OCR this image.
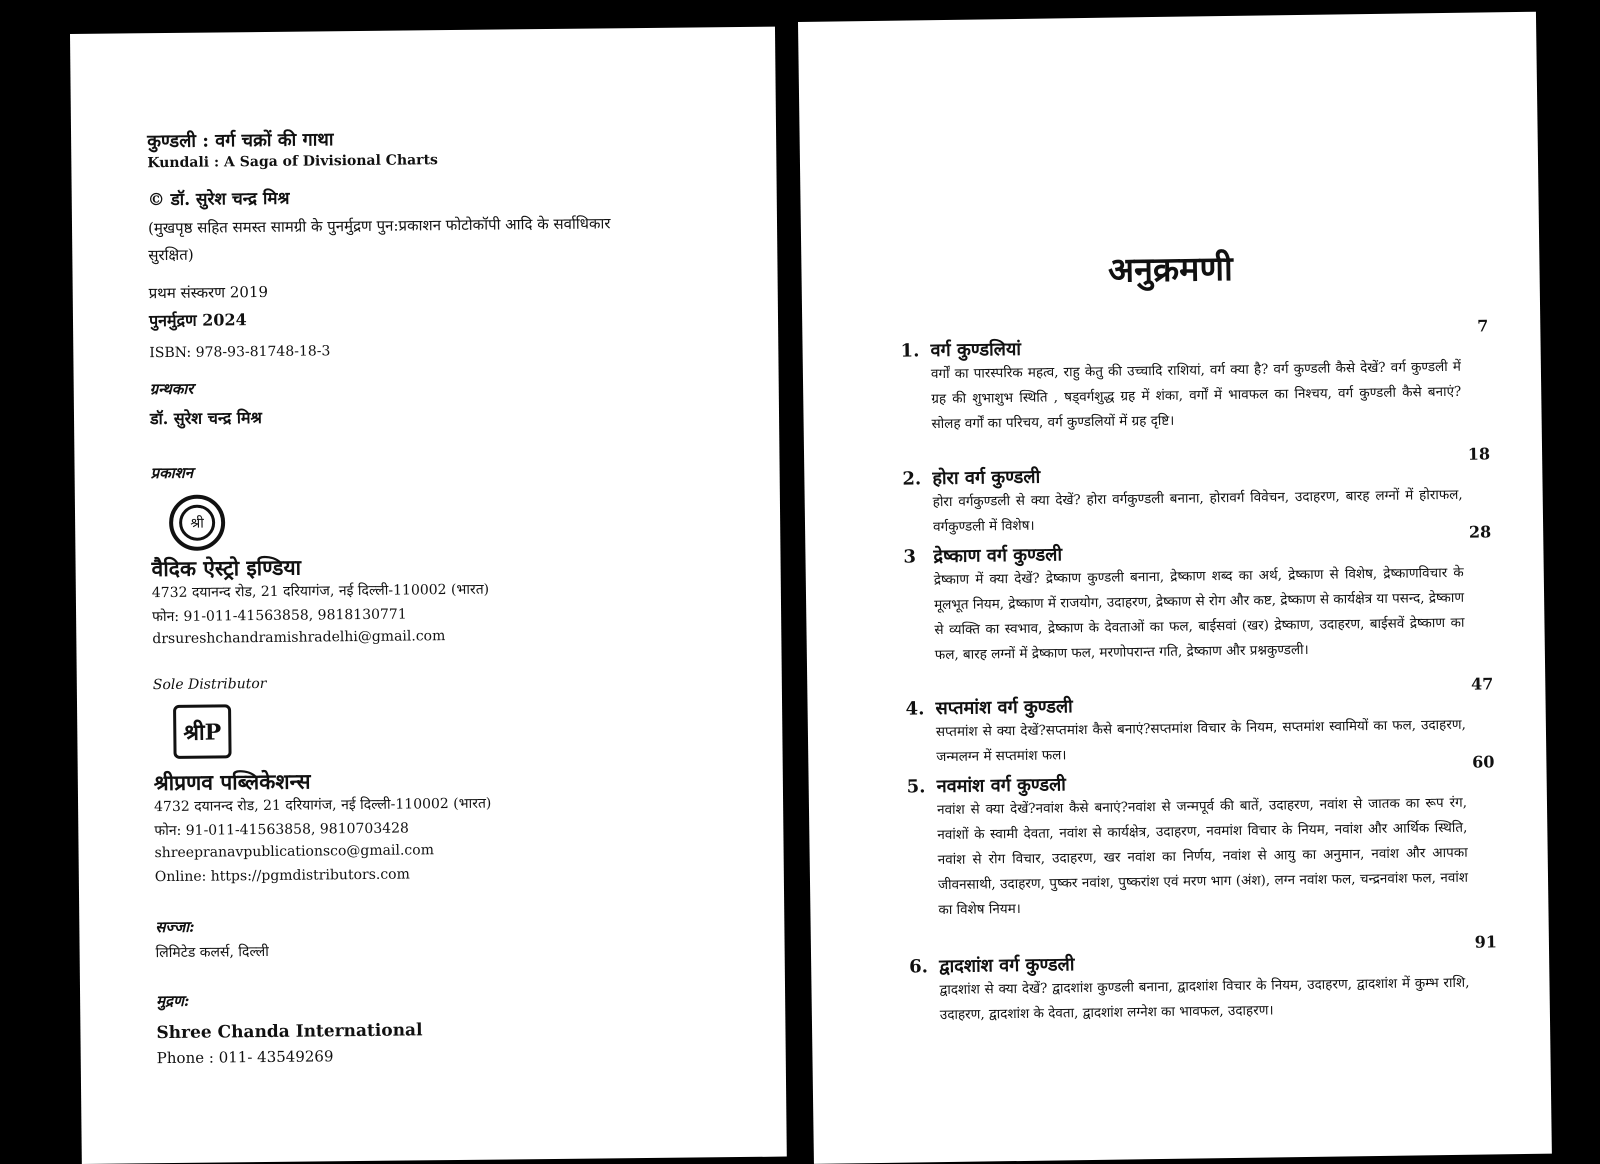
कुण्डली : वर्ग चक्रों की गाथा
Kundali : A Saga of Divisional Charts
© डॉ. सुरेश चन्द्र मिश्र
(मुखपृष्ठ सहित समस्त सामग्री के पुनर्मुद्रण पुन:प्रकाशन फोटोकॉपी आदि के सर्वाधिकार सुरक्षित)
प्रथम संस्करण 2019
पुनर्मुद्रण 2024
ISBN: 978-93-81748-18-3
ग्रन्थकार
डॉ. सुरेश चन्द्र मिश्र
प्रकाशन
श्री
वैदिक ऐस्ट्रो इण्डिया
4732 दयानन्द रोड, 21 दरियागंज, नई दिल्ली-110002 (भारत)
फोन: 91-011-41563858, 9818130771
drsureshchandramishradelhi@gmail.com
Sole Distributor
श्रीP
श्रीप्रणव पब्लिकेशन्स
4732 दयानन्द रोड, 21 दरियागंज, नई दिल्ली-110002 (भारत)
फोन: 91-011-41563858, 9810703428
shreepranavpublicationsco@gmail.com
Online: https://pgmdistributors.com
सज्जा:
लिमिटेड कलर्स, दिल्ली
मुद्रण:
Shree Chanda International
Phone : 011- 43549269
अनुक्रमणी
1. वर्ग कुण्डलियां
7
वर्गों का पारस्परिक महत्व, राहु केतु की उच्चादि राशियां, वर्ग क्या है? वर्ग कुण्डली कैसे देखें? वर्ग कुण्डली में ग्रह की शुभाशुभ स्थिति , षड्वर्गशुद्ध ग्रह में शंका, वर्गों में भावफल का निश्चय, वर्ग कुण्डली कैसे बनाएं? सोलह वर्गों का परिचय, वर्ग कुण्डलियों में ग्रह दृष्टि।
2. होरा वर्ग कुण्डली
18
होरा वर्गकुण्डली से क्या देखें? होरा वर्गकुण्डली बनाना, होरावर्ग विवेचन, उदाहरण, बारह लग्नों में होराफल, वर्गकुण्डली में विशेष।
3 द्रेष्काण वर्ग कुण्डली
28
द्रेष्काण में क्या देखें? द्रेष्काण कुण्डली बनाना, द्रेष्काण शब्द का अर्थ, द्रेष्काण से विशेष, द्रेष्काणविचार के मूलभूत नियम, द्रेष्काण में राजयोग, उदाहरण, द्रेष्काण से रोग और कष्ट, द्रेष्काण से कार्यक्षेत्र या पसन्द, द्रेष्काण से व्यक्ति का स्वभाव, द्रेष्काण के देवताओं का फल, बाईसवां (खर) द्रेष्काण, उदाहरण, बाईसवें द्रेष्काण का फल, बारह लग्नों में द्रेष्काण फल, मरणोपरान्त गति, द्रेष्काण और प्रश्नकुण्डली।
4. सप्तमांश वर्ग कुण्डली
47
सप्तमांश से क्या देखें?सप्तमांश कैसे बनाएं?सप्तमांश विचार के नियम, सप्तमांश स्वामियों का फल, उदाहरण, जन्मलग्न में सप्तमांश फल।
5. नवमांश वर्ग कुण्डली
60
नवांश से क्या देखें?नवांश कैसे बनाएं?नवांश से जन्मपूर्व की बातें, उदाहरण, नवांश से जातक का रूप रंग, नवांशों के स्वामी देवता, नवांश से कार्यक्षेत्र, उदाहरण, नवमांश विचार के नियम, नवांश और आर्थिक स्थिति, नवांश से रोग विचार, उदाहरण, खर नवांश का निर्णय, नवांश से आयु का अनुमान, नवांश और आपका जीवनसाथी, उदाहरण, पुष्कर नवांश, पुष्करांश एवं मरण भाग (अंश), लग्न नवांश फल, चन्द्रनवांश फल, नवांश का विशेष नियम।
6. द्वादशांश वर्ग कुण्डली
91
द्वादशांश से क्या देखें? द्वादशांश कुण्डली बनाना, द्वादशांश विचार के नियम, उदाहरण, द्वादशांश में कुम्भ राशि, उदाहरण, द्वादशांश के देवता, द्वादशांश लग्नेश का भावफल, उदाहरण।
